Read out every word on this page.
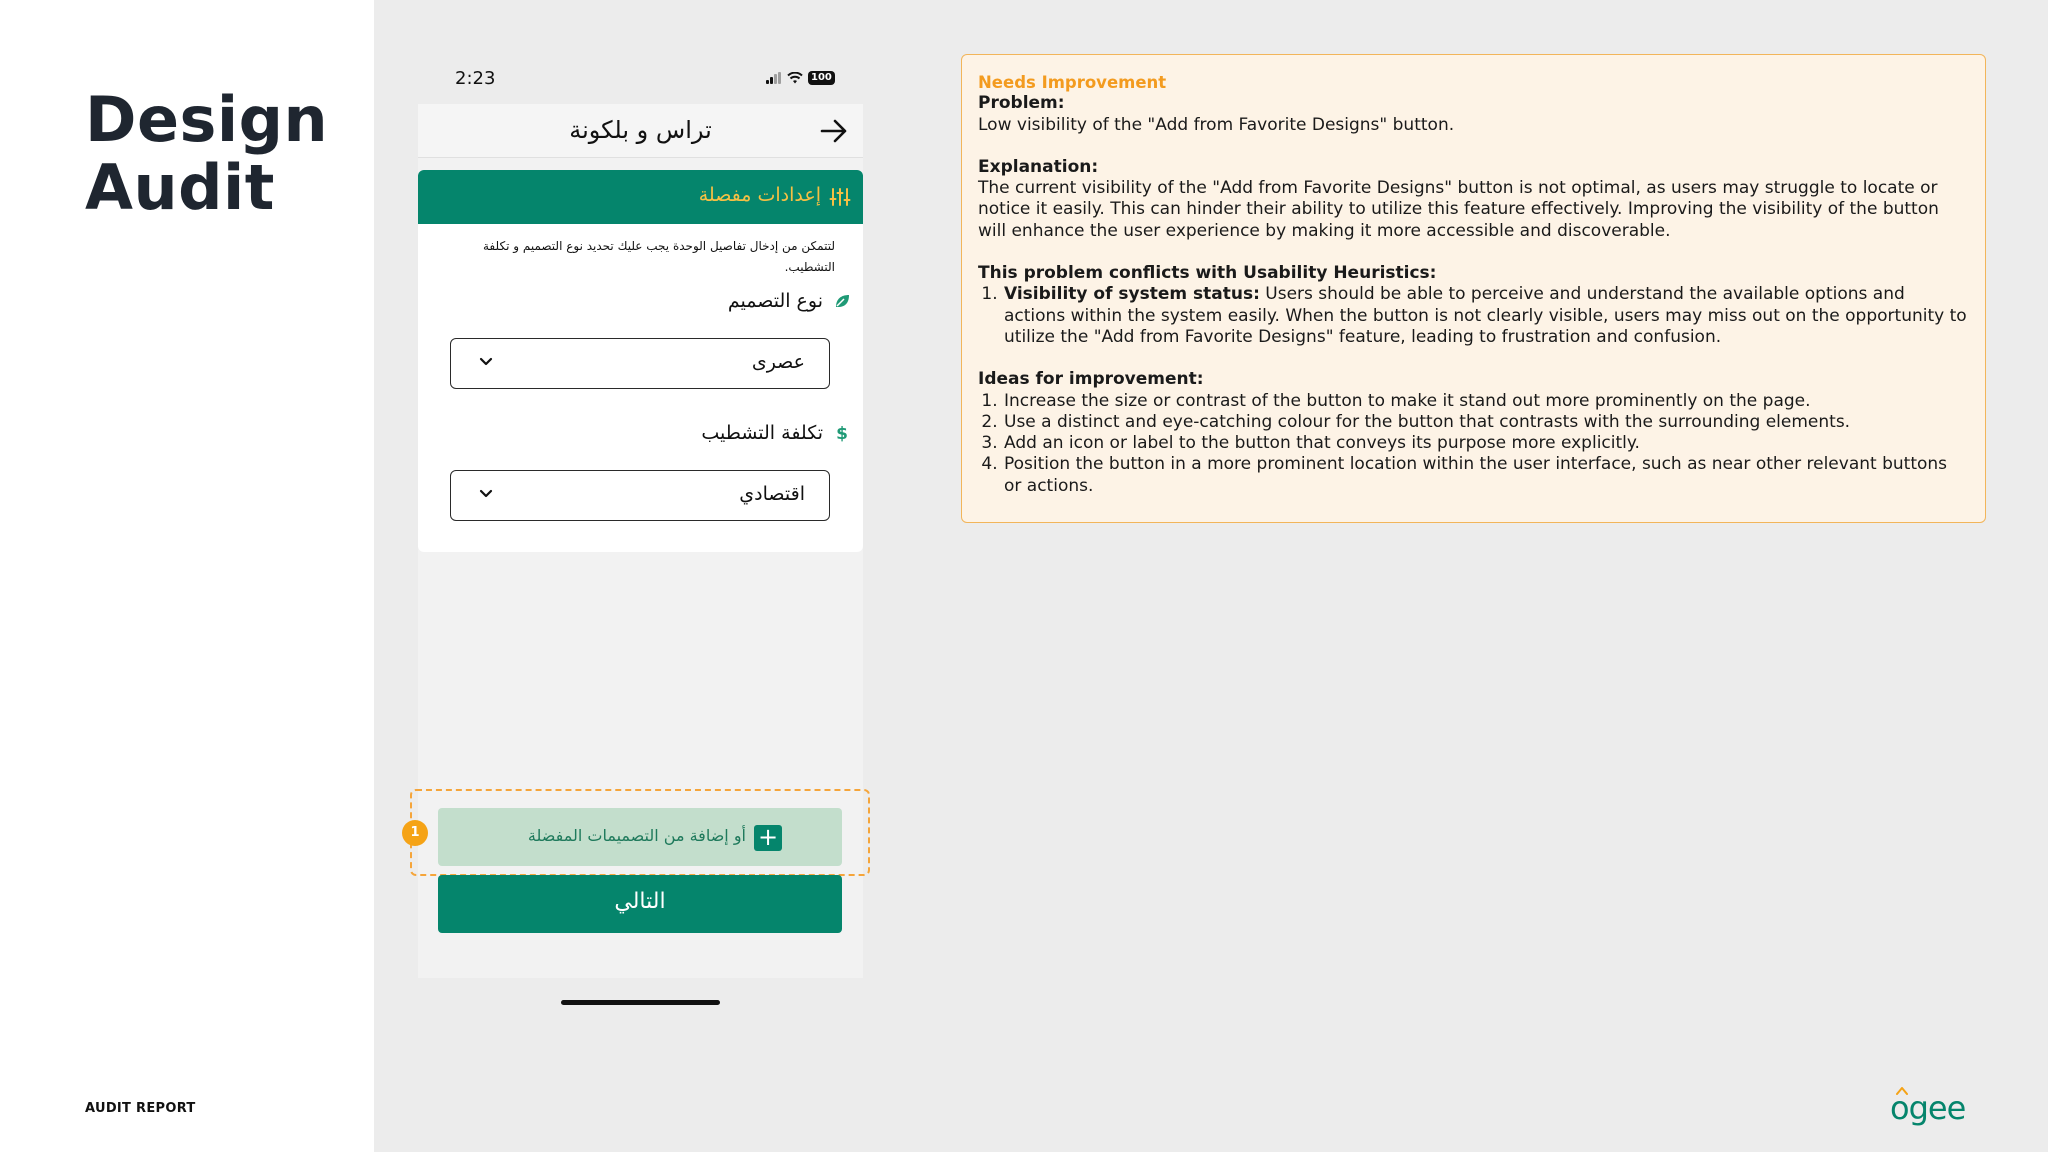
Design
Audit
AUDIT REPORT
2:23	100
تراس و بلكونة
إعدادات مفصلة
لتتمكن من إدخال تفاصيل الوحدة يجب عليك تحديد نوع التصميم و تكلفة التشطيب.
نوع التصميم
عصرى
تكلفة التشطيب $
اقتصادي
1	أو إضافة من التصميمات المفضلة +
التالي
Needs Improvement
Problem:
Low visibility of the "Add from Favorite Designs" button.
Explanation:
The current visibility of the "Add from Favorite Designs" button is not optimal, as users may struggle to locate or notice it easily. This can hinder their ability to utilize this feature effectively. Improving the visibility of the button will enhance the user experience by making it more accessible and discoverable.
This problem conflicts with Usability Heuristics:
1. Visibility of system status: Users should be able to perceive and understand the available options and actions within the system easily. When the button is not clearly visible, users may miss out on the opportunity to utilize the "Add from Favorite Designs" feature, leading to frustration and confusion.
Ideas for improvement:
1. Increase the size or contrast of the button to make it stand out more prominently on the page.
2. Use a distinct and eye-catching colour for the button that contrasts with the surrounding elements.
3. Add an icon or label to the button that conveys its purpose more explicitly.
4. Position the button in a more prominent location within the user interface, such as near other relevant buttons or actions.
ogee
